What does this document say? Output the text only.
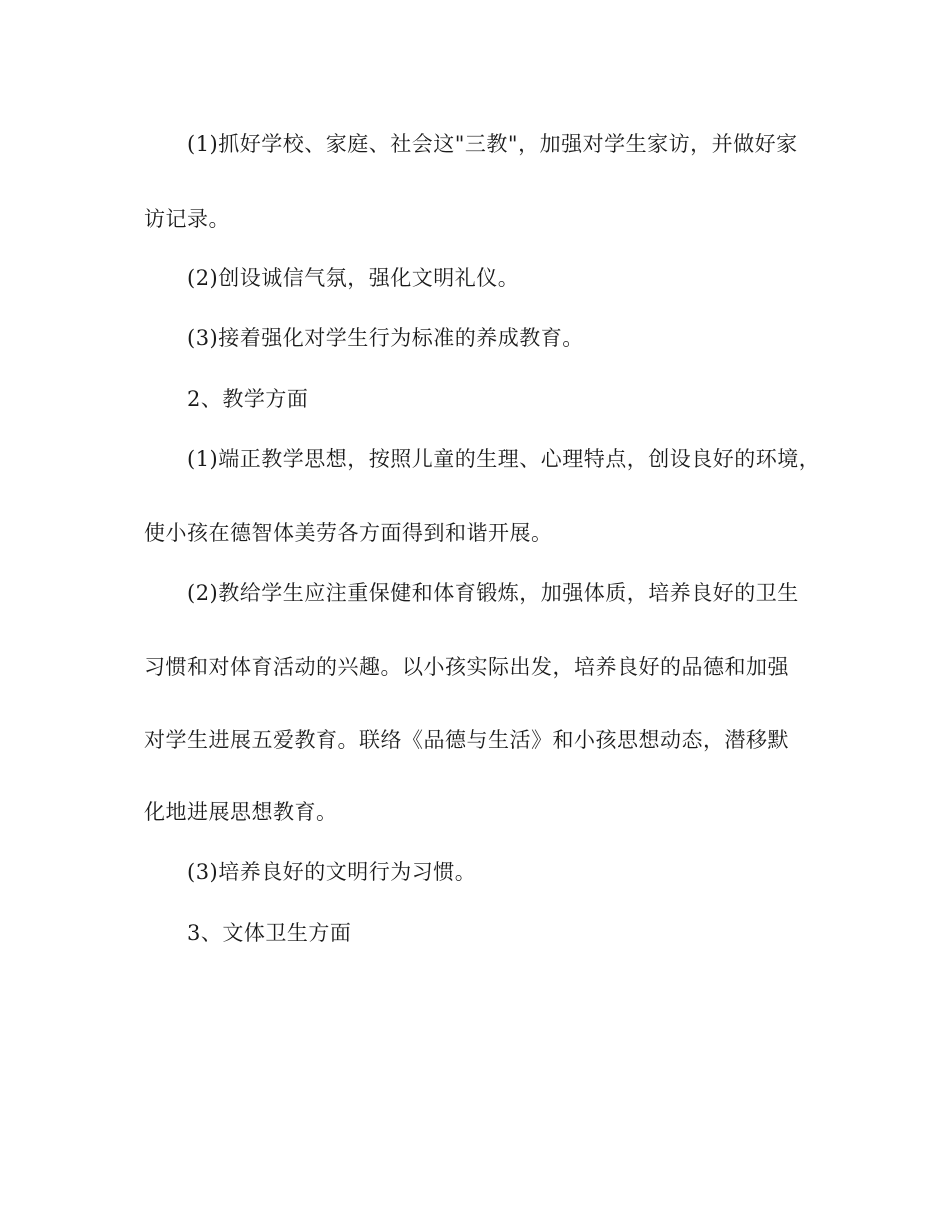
(1)抓好学校、家庭、社会这"三教"，加强对学生家访，并做好家
访记录。
(2)创设诚信气氛，强化文明礼仪。
(3)接着强化对学生行为标准的养成教育。
2、教学方面
(1)端正教学思想，按照儿童的生理、心理特点，创设良好的环境，
使小孩在德智体美劳各方面得到和谐开展。
(2)教给学生应注重保健和体育锻炼，加强体质，培养良好的卫生
习惯和对体育活动的兴趣。以小孩实际出发，培养良好的品德和加强
对学生进展五爱教育。联络《品德与生活》和小孩思想动态，潜移默
化地进展思想教育。
(3)培养良好的文明行为习惯。
3、文体卫生方面
